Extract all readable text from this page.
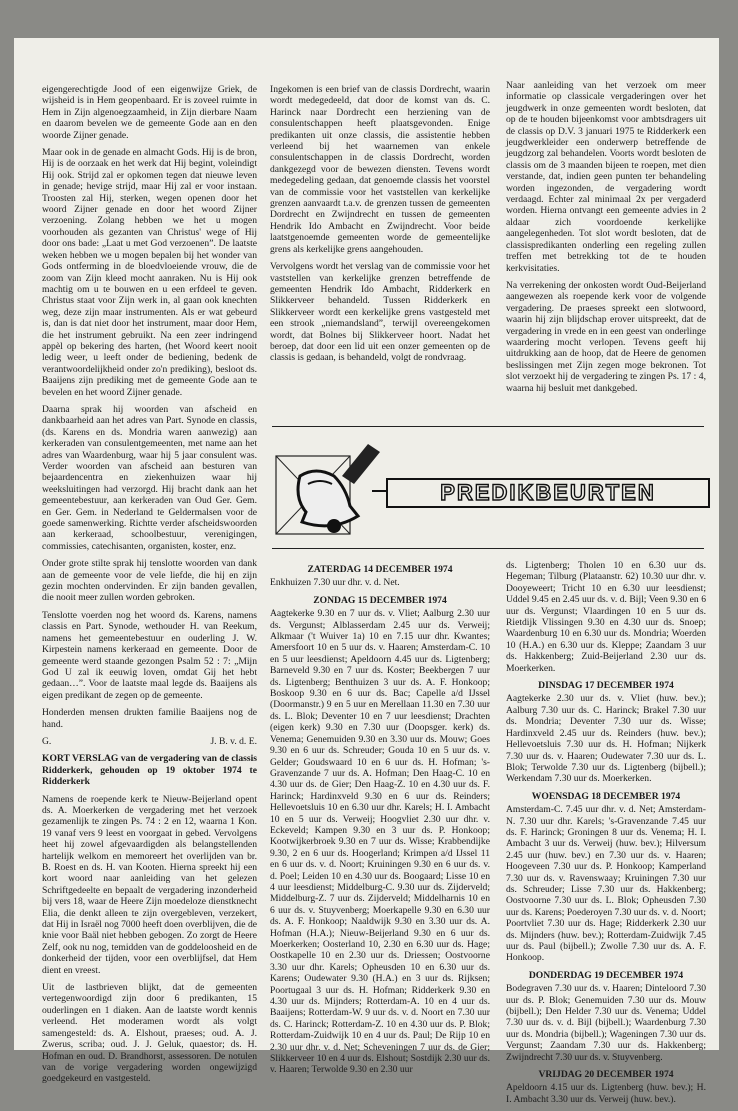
eigengerechtigde Jood of een eigenwijze Griek, de wijsheid is in Hem geopenbaard. Er is zoveel ruimte in Hem in Zijn algenoegzaamheid, in Zijn dierbare Naam en daarom bevelen we de gemeente Gode aan en den woorde Zijner genade.

Maar ook in de genade en almacht Gods. Hij is de bron, Hij is de oorzaak en het werk dat Hij begint, voleindigt Hij ook. Strijd zal er opkomen tegen dat nieuwe leven in genade; hevige strijd, maar Hij zal er voor instaan. Troosten zal Hij, sterken, wegen openen door het woord Zijner genade en door het woord Zijner verzoening. Zolang hebben we het u mogen voorhouden als gezanten van Christus' wege of Hij door ons bade: „Laat u met God verzoenen”. De laatste weken hebben we u mogen bepalen bij het wonder van Gods ontferming in de bloedvloeiende vrouw, die de zoom van Zijn kleed mocht aanraken. Nu is Hij ook machtig om u te bouwen en u een erfdeel te geven. Christus staat voor Zijn werk in, al gaan ook knechten weg, deze zijn maar instrumenten. Als er wat gebeurd is, dan is dat niet door het instrument, maar door Hem, die het instrument gebruikt. Na een zeer indringend appèl op bekering des harten, (het Woord keert nooit ledig weer, u leeft onder de bediening, bedenk de verantwoordelijkheid onder zo'n prediking), besloot ds. Baaijens zijn prediking met de gemeente Gode aan te bevelen en het woord Zijner genade.

Daarna sprak hij woorden van afscheid en dankbaarheid aan het adres van Part. Synode en classis, (ds. Karens en ds. Mondria waren aanwezig) aan kerkeraden van consulentgemeenten, met name aan het adres van Waardenburg, waar hij 5 jaar consulent was. Verder woorden van afscheid aan besturen van bejaardencentra en ziekenhuizen waar hij weeksluitingen had verzorgd. Hij bracht dank aan het gemeentebestuur, aan kerkeraden van Oud Ger. Gem. en Ger. Gem. in Nederland te Geldermalsen voor de goede samenwerking. Richtte verder afscheidswoorden aan kerkeraad, schoolbestuur, verenigingen, commissies, catechisanten, organisten, koster, enz.

Onder grote stilte sprak hij tenslotte woorden van dank aan de gemeente voor de vele liefde, die hij en zijn gezin mochten ondervinden. Er zijn banden gevallen, die nooit meer zullen worden gebroken.

Tenslotte voerden nog het woord ds. Karens, namens classis en Part. Synode, wethouder H. van Reekum, namens het gemeentebestuur en ouderling J. W. Kirpestein namens kerkeraad en gemeente. Door de gemeente werd staande gezongen Psalm 52 : 7: „Mijn God U zal ik eeuwig loven, omdat Gij het hebt gedaan…”. Voor de laatste maal legde ds. Baaijens als eigen predikant de zegen op de gemeente.

Honderden mensen drukten familie Baaijens nog de hand.

G.	J. B. v. d. E.

KORT VERSLAG van de vergadering van de classis Ridderkerk, gehouden op 19 oktober 1974 te Ridderkerk

Namens de roepende kerk te Nieuw-Beijerland opent ds. A. Moerkerken de vergadering met het verzoek gezamenlijk te zingen Ps. 74 : 2 en 12, waarna 1 Kon. 19 vanaf vers 9 leest en voorgaat in gebed. Vervolgens heet hij zowel afgevaardigden als belangstellenden hartelijk welkom en memoreert het overlijden van br. B. Roest en ds. H. van Kooten. Hierna spreekt hij een kort woord naar aanleiding van het gelezen Schriftgedeelte en bepaalt de vergadering inzonderheid bij vers 18, waar de Heere Zijn moedeloze dienstknecht Elia, die denkt alleen te zijn overgebleven, verzekert, dat Hij in Israël nog 7000 heeft doen overblijven, die de knie voor Baäl niet hebben gebogen. Zo zorgt de Heere Zelf, ook nu nog, temidden van de goddeloosheid en de donkerheid der tijden, voor een overblijfsel, dat Hem dient en vreest.

Uit de lastbrieven blijkt, dat de gemeenten vertegenwoordigd zijn door 6 predikanten, 15 ouderlingen en 1 diaken. Aan de laatste wordt kennis verleend. Het moderamen wordt als volgt samengesteld: ds. A. Elshout, praeses; oud. A. J. Zwerus, scriba; oud. J. J. Geluk, quaestor; ds. H. Hofman en oud. D. Brandhorst, assessoren. De notulen van de vorige vergadering worden ongewijzigd goedgekeurd en vastgesteld.

Ingekomen is een brief van de classis Dordrecht, waarin wordt medegedeeld, dat door de komst van ds. C. Harinck naar Dordrecht een herziening van de consulentschappen heeft plaatsgevonden. Enige predikanten uit onze classis, die assistentie hebben verleend bij het waarnemen van enkele consulentschappen in de classis Dordrecht, worden dankgezegd voor de bewezen diensten. Tevens wordt medegedeling gedaan, dat genoemde classis het voorstel van de commissie voor het vaststellen van kerkelijke grenzen aanvaardt t.a.v. de grenzen tussen de gemeenten Dordrecht en Zwijndrecht en tussen de gemeenten Hendrik Ido Ambacht en Zwijndrecht. Voor beide laatstgenoemde gemeenten worde de gemeentelijke grens als kerkelijke grens aangehouden.

Vervolgens wordt het verslag van de commissie voor het vaststellen van kerkelijke grenzen betreffende de gemeenten Hendrik Ido Ambacht, Ridderkerk en Slikkerveer behandeld. Tussen Ridderkerk en Slikkerveer wordt een kerkelijke grens vastgesteld met een strook „niemandsland”, terwijl overeengekomen wordt, dat Bolnes bij Slikkerveer hoort. Nadat het beroep, dat door een lid uit een onzer gemeenten op de classis is gedaan, is behandeld, volgt de rondvraag.

Naar aanleiding van het verzoek om meer informatie op classicale vergaderingen over het jeugdwerk in onze gemeenten wordt besloten, dat op de te houden bijeenkomst voor ambtsdragers uit de classis op D.V. 3 januari 1975 te Ridderkerk een jeugdwerkleider een onderwerp betreffende de jeugdzorg zal behandelen. Voorts wordt besloten de classis om de 3 maanden bijeen te roepen, met dien verstande, dat, indien geen punten ter behandeling worden ingezonden, de vergadering wordt verdaagd. Echter zal minimaal 2x per vergaderd worden. Hierna ontvangt een gemeente advies in 2 aldaar zich voordoende kerkelijke aangelegenheden. Tot slot wordt besloten, dat de classispredikanten onderling een regeling zullen treffen met betrekking tot de te houden kerkvisitaties.

Na verrekening der onkosten wordt Oud-Beijerland aangewezen als roepende kerk voor de volgende vergadering. De praeses spreekt een slotwoord, waarin hij zijn blijdschap erover uitspreekt, dat de vergadering in vrede en in een geest van onderlinge waardering mocht verlopen. Tevens geeft hij uitdrukking aan de hoop, dat de Heere de genomen beslissingen met Zijn zegen moge bekronen. Tot slot verzoekt hij de vergadering te zingen Ps. 17 : 4, waarna hij besluit met dankgebed.

PREDIKBEURTEN
ZATERDAG 14 DECEMBER 1974

Enkhuizen 7.30 uur dhr. v. d. Net.

ZONDAG 15 DECEMBER 1974

Aagtekerke 9.30 en 7 uur ds. v. Vliet; Aalburg 2.30 uur ds. Vergunst; Alblasserdam 2.45 uur ds. Verweij; Alkmaar ('t Wuiver 1a) 10 en 7.15 uur dhr. Kwantes; Amersfoort 10 en 5 uur ds. v. Haaren; Amsterdam-C. 10 en 5 uur leesdienst; Apeldoorn 4.45 uur ds. Ligtenberg; Barneveld 9.30 en 7 uur ds. Koster; Beekbergen 7 uur ds. Ligtenberg; Benthuizen 3 uur ds. A. F. Honkoop; Boskoop 9.30 en 6 uur ds. Bac; Capelle a/d IJssel (Doormanstr.) 9 en 5 uur en Merellaan 11.30 en 7.30 uur ds. L. Blok; Deventer 10 en 7 uur leesdienst; Drachten (eigen kerk) 9.30 en 7.30 uur (Doopsger. kerk) ds. Venema; Genemuiden 9.30 en 3.30 uur ds. Mouw; Goes 9.30 en 6 uur ds. Schreuder; Gouda 10 en 5 uur ds. v. Gelder; Goudswaard 10 en 6 uur ds. H. Hofman; 's-Gravenzande 7 uur ds. A. Hofman; Den Haag-C. 10 en 4.30 uur ds. de Gier; Den Haag-Z. 10 en 4.30 uur ds. F. Harinck; Hardinxveld 9.30 en 6 uur ds. Reinders; Hellevoetsluis 10 en 6.30 uur dhr. Karels; H. I. Ambacht 10 en 5 uur ds. Verweij; Hoogvliet 2.30 uur dhr. v. Eckeveld; Kampen 9.30 en 3 uur ds. P. Honkoop; Kootwijkerbroek 9.30 en 7 uur ds. Wisse; Krabbendijke 9.30, 2 en 6 uur ds. Hoogerland; Krimpen a/d IJssel 11 en 6 uur ds. v. d. Noort; Kruiningen 9.30 en 6 uur ds. v. d. Poel; Leiden 10 en 4.30 uur ds. Boogaard; Lisse 10 en 4 uur leesdienst; Middelburg-C. 9.30 uur ds. Zijderveld; Middelburg-Z. 7 uur ds. Zijderveld; Middelharnis 10 en 6 uur ds. v. Stuyvenberg; Moerkapelle 9.30 en 6.30 uur ds. A. F. Honkoop; Naaldwijk 9.30 en 3.30 uur ds. A. Hofman (H.A.); Nieuw-Beijerland 9.30 en 6 uur ds. Moerkerken; Oosterland 10, 2.30 en 6.30 uur ds. Hage; Oostkapelle 10 en 2.30 uur ds. Driessen; Oostvoorne 3.30 uur dhr. Karels; Opheusden 10 en 6.30 uur ds. Karens; Oudewater 9.30 (H.A.) en 3 uur ds. Rijksen; Poortugaal 3 uur ds. H. Hofman; Ridderkerk 9.30 en 4.30 uur ds. Mijnders; Rotterdam-A. 10 en 4 uur ds. Baaijens; Rotterdam-W. 9 uur ds. v. d. Noort en 7.30 uur ds. C. Harinck; Rotterdam-Z. 10 en 4.30 uur ds. P. Blok; Rotterdam-Zuidwijk 10 en 4 uur ds. Paul; De Rijp 10 en 2.30 uur dhr. v. d. Net; Scheveningen 7 uur ds. de Gier; Slikkerveer 10 en 4 uur ds. Elshout; Sostdijk 2.30 uur ds. v. Haaren; Terwolde 9.30 en 2.30 uur

ds. Ligtenberg; Tholen 10 en 6.30 uur ds. Hegeman; Tilburg (Plataanstr. 62) 10.30 uur dhr. v. Dooyeweert; Tricht 10 en 6.30 uur leesdienst; Uddel 9.45 en 2.45 uur ds. v. d. Bijl; Veen 9.30 en 6 uur ds. Vergunst; Vlaardingen 10 en 5 uur ds. Rietdijk Vlissingen 9.30 en 4.30 uur ds. Snoep; Waardenburg 10 en 6.30 uur ds. Mondria; Woerden 10 (H.A.) en 6.30 uur ds. Kleppe; Zaandam 3 uur ds. Hakkenberg; Zuid-Beijerland 2.30 uur ds. Moerkerken.

DINSDAG 17 DECEMBER 1974

Aagtekerke 2.30 uur ds. v. Vliet (huw. bev.); Aalburg 7.30 uur ds. C. Harinck; Brakel 7.30 uur ds. Mondria; Deventer 7.30 uur ds. Wisse; Hardinxveld 2.45 uur ds. Reinders (huw. bev.); Hellevoetsluis 7.30 uur ds. H. Hofman; Nijkerk 7.30 uur ds. v. Haaren; Oudewater 7.30 uur ds. L. Blok; Terwolde 7.30 uur ds. Ligtenberg (bijbell.); Werkendam 7.30 uur ds. Moerkerken.

WOENSDAG 18 DECEMBER 1974

Amsterdam-C. 7.45 uur dhr. v. d. Net; Amsterdam-N. 7.30 uur dhr. Karels; 's-Gravenzande 7.45 uur ds. F. Harinck; Groningen 8 uur ds. Venema; H. I. Ambacht 3 uur ds. Verweij (huw. bev.); Hilversum 2.45 uur (huw. bev.) en 7.30 uur ds. v. Haaren; Hoogeveen 7.30 uur ds. P. Honkoop; Kamperland 7.30 uur ds. v. Ravenswaay; Kruiningen 7.30 uur ds. Schreuder; Lisse 7.30 uur ds. Hakkenberg; Oostvoorne 7.30 uur ds. L. Blok; Opheusden 7.30 uur ds. Karens; Poederoyen 7.30 uur ds. v. d. Noort; Poortvliet 7.30 uur ds. Hage; Ridderkerk 2.30 uur ds. Mijnders (huw. bev.); Rotterdam-Zuidwijk 7.45 uur ds. Paul (bijbell.); Zwolle 7.30 uur ds. A. F. Honkoop.

DONDERDAG 19 DECEMBER 1974

Bodegraven 7.30 uur ds. v. Haaren; Dinteloord 7.30 uur ds. P. Blok; Genemuiden 7.30 uur ds. Mouw (bijbell.); Den Helder 7.30 uur ds. Venema; Uddel 7.30 uur ds. v. d. Bijl (bijbell.); Waardenburg 7.30 uur ds. Mondria (bijbell.); Wageningen 7.30 uur ds. Vergunst; Zaandam 7.30 uur ds. Hakkenberg; Zwijndrecht 7.30 uur ds. v. Stuyvenberg.

VRIJDAG 20 DECEMBER 1974

Apeldoorn 4.15 uur ds. Ligtenberg (huw. bev.); H. I. Ambacht 3.30 uur ds. Verweij (huw. bev.).
